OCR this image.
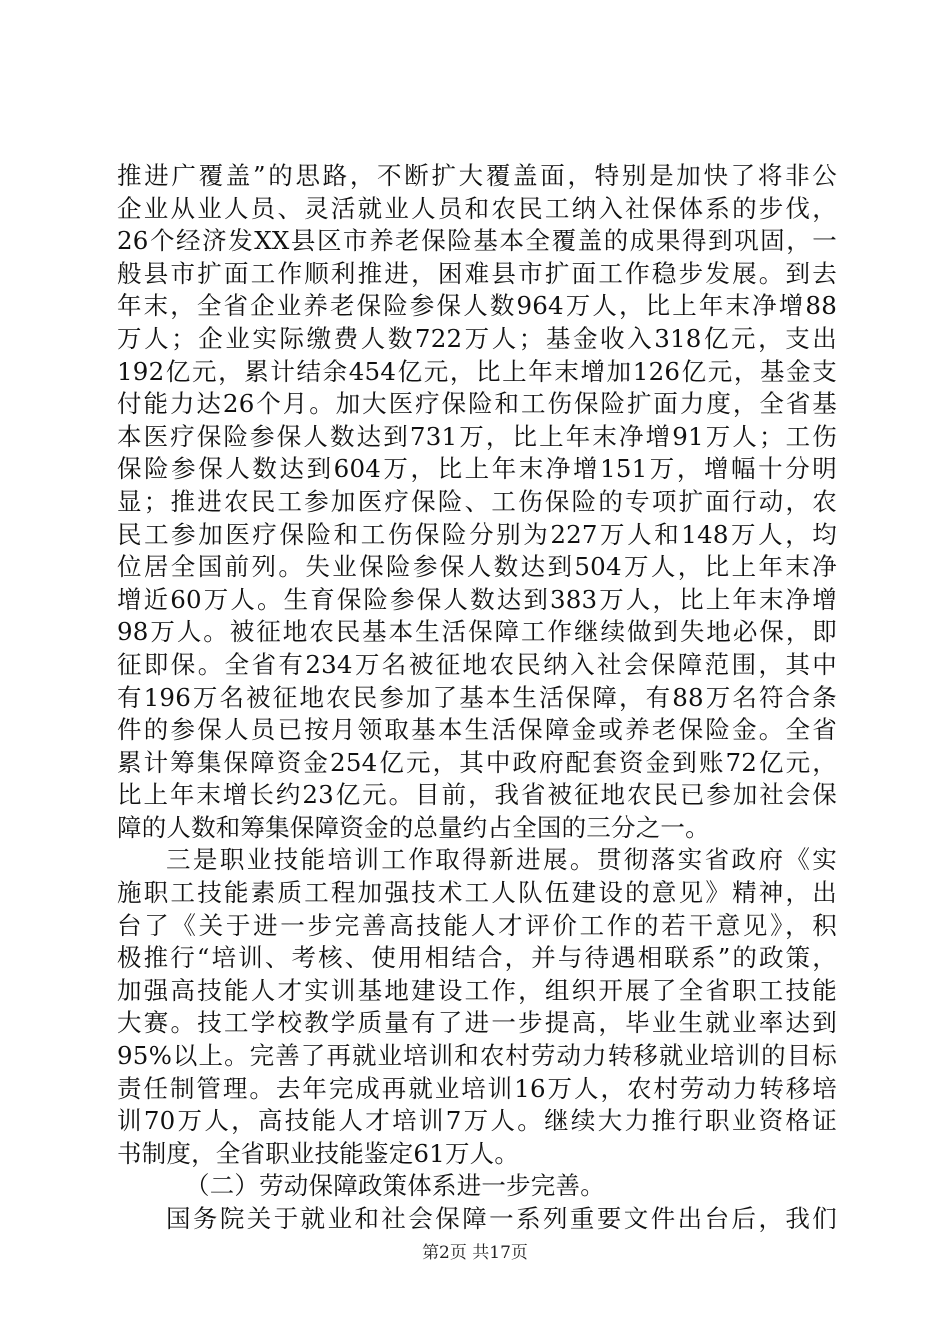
推进广覆盖”的思路，不断扩大覆盖面，特别是加快了将非公
企业从业人员、灵活就业人员和农民工纳入社保体系的步伐，
26个经济发XX县区市养老保险基本全覆盖的成果得到巩固，一
般县市扩面工作顺利推进，困难县市扩面工作稳步发展。到去
年末，全省企业养老保险参保人数964万人，比上年末净增88
万人；企业实际缴费人数722万人；基金收入318亿元，支出
192亿元，累计结余454亿元，比上年末增加126亿元，基金支
付能力达26个月。加大医疗保险和工伤保险扩面力度，全省基
本医疗保险参保人数达到731万，比上年末净增91万人；工伤
保险参保人数达到604万，比上年末净增151万，增幅十分明
显；推进农民工参加医疗保险、工伤保险的专项扩面行动，农
民工参加医疗保险和工伤保险分别为227万人和148万人，均
位居全国前列。失业保险参保人数达到504万人，比上年末净
增近60万人。生育保险参保人数达到383万人，比上年末净增
98万人。被征地农民基本生活保障工作继续做到失地必保，即
征即保。全省有234万名被征地农民纳入社会保障范围，其中
有196万名被征地农民参加了基本生活保障，有88万名符合条
件的参保人员已按月领取基本生活保障金或养老保险金。全省
累计筹集保障资金254亿元，其中政府配套资金到账72亿元，
比上年末增长约23亿元。目前，我省被征地农民已参加社会保
障的人数和筹集保障资金的总量约占全国的三分之一。
三是职业技能培训工作取得新进展。贯彻落实省政府《实
施职工技能素质工程加强技术工人队伍建设的意见》精神，出
台了《关于进一步完善高技能人才评价工作的若干意见》，积
极推行“培训、考核、使用相结合，并与待遇相联系”的政策，
加强高技能人才实训基地建设工作，组织开展了全省职工技能
大赛。技工学校教学质量有了进一步提高，毕业生就业率达到
95%以上。完善了再就业培训和农村劳动力转移就业培训的目标
责任制管理。去年完成再就业培训16万人，农村劳动力转移培
训70万人，高技能人才培训7万人。继续大力推行职业资格证
书制度，全省职业技能鉴定61万人。
（二）劳动保障政策体系进一步完善。
国务院关于就业和社会保障一系列重要文件出台后，我们
第2页 共17页
